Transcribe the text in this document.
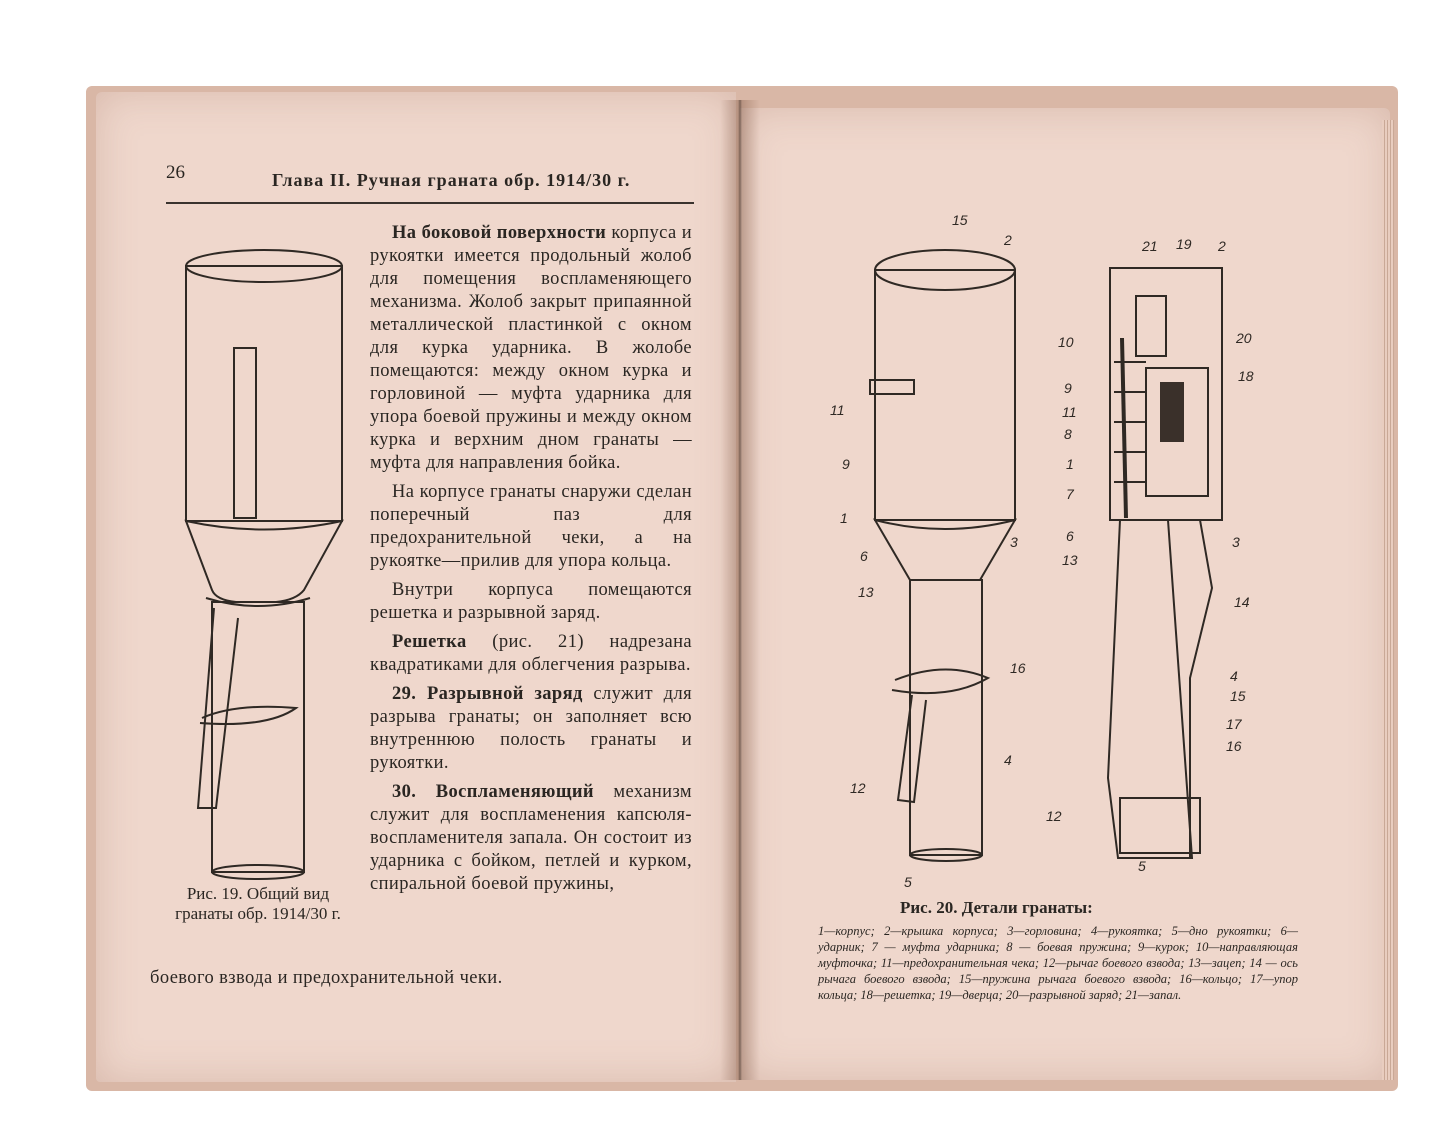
26	Глава II. Ручная граната обр. 1914/30 г.
Рис. 19. Общий вид гранаты обр. 1914/30 г.

На боковой поверхности корпуса и рукоятки имеется продольный жолоб для помещения воспламеняющего механизма. Жолоб закрыт припаянной металлической пластинкой с окном для курка ударника. В жолобе помещаются: между окном курка и горловиной — муфта ударника для упора боевой пружины и между окном курка и верхним дном гранаты — муфта для направления бойка.

На корпусе гранаты снаружи сделан поперечный паз для предохранительной чеки, а на рукоятке—прилив для упора кольца.

Внутри корпуса помещаются решетка и разрывной заряд.

Решетка (рис. 21) надрезана квадратиками для облегчения разрыва.

29. Разрывной заряд служит для разрыва гранаты; он заполняет всю внутреннюю полость гранаты и рукоятки.

30. Воспламеняющий механизм служит для воспламенения капсюля-воспламенителя запала. Он состоит из ударника с бойком, петлей и курком, спиральной боевой пружины,

боевого взвода и предохранительной чеки.
15
2
11
9
1
6
13
3
16
12
4
5
21 19 2
10	20
18
9
11
8
1
7
6
13
3
14
4
15
17
16
12
5
Рис. 20. Детали гранаты:
1—корпус; 2—крышка корпуса; 3—горловина; 4—рукоятка; 5—дно рукоятки; 6—ударник; 7 — муфта ударника; 8 — боевая пружина; 9—курок; 10—направляющая муфточка; 11—предохранительная чека; 12—рычаг боевого взвода; 13—зацеп; 14 — ось рычага боевого взвода; 15—пружина рычага боевого взвода; 16—кольцо; 17—упор кольца; 18—решетка; 19—дверца; 20—разрывной заряд; 21—запал.
